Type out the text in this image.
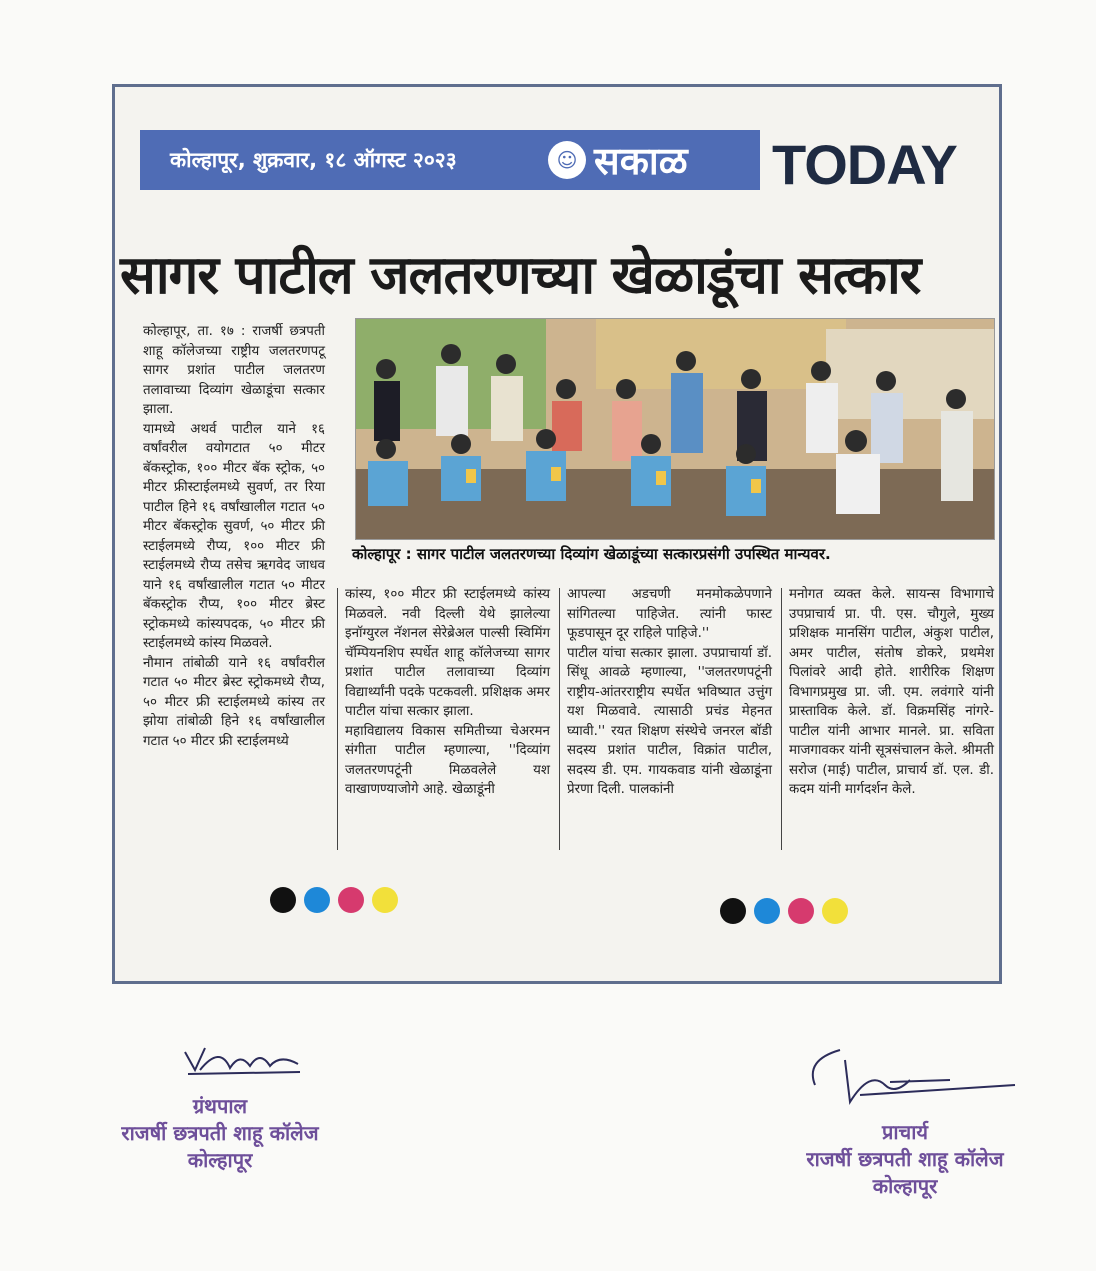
कोल्हापूर, शुक्रवार, १८ ऑगस्ट २०२३	☺ सकाळ TODAY
सागर पाटील जलतरणच्या खेळाडूंचा सत्कार
कोल्हापूर : सागर पाटील जलतरणच्या दिव्यांग खेळाडूंच्या सत्कारप्रसंगी उपस्थित मान्यवर.

कोल्हापूर, ता. १७ : राजर्षी छत्रपती शाहू कॉलेजच्या राष्ट्रीय जलतरणपटू सागर प्रशांत पाटील जलतरण तलावाच्या दिव्यांग खेळाडूंचा सत्कार झाला.

यामध्ये अथर्व पाटील याने १६ वर्षांवरील वयोगटात ५० मीटर बॅकस्ट्रोक, १०० मीटर बॅक स्ट्रोक, ५० मीटर फ्रीस्टाईलमध्ये सुवर्ण, तर रिया पाटील हिने १६ वर्षांखालील गटात ५० मीटर बॅकस्ट्रोक सुवर्ण, ५० मीटर फ्री स्टाईलमध्ये रौप्य, १०० मीटर फ्री स्टाईलमध्ये रौप्य तसेच ऋगवेद जाधव याने १६ वर्षांखालील गटात ५० मीटर बॅकस्ट्रोक रौप्य, १०० मीटर ब्रेस्ट स्ट्रोकमध्ये कांस्यपदक, ५० मीटर फ्री स्टाईलमध्ये कांस्य मिळवले.

नौमान तांबोळी याने १६ वर्षांवरील गटात ५० मीटर ब्रेस्ट स्ट्रोकमध्ये रौप्य, ५० मीटर फ्री स्टाईलमध्ये कांस्य तर झोया तांबोळी हिने १६ वर्षांखालील गटात ५० मीटर फ्री स्टाईलमध्ये

कांस्य, १०० मीटर फ्री स्टाईलमध्ये कांस्य मिळवले. नवी दिल्ली येथे झालेल्या इनॉग्युरल नॅशनल सेरेब्रेअल पाल्सी स्विमिंग चॅम्पियनशिप स्पर्धेत शाहू कॉलेजच्या सागर प्रशांत पाटील तलावाच्या दिव्यांग विद्यार्थ्यांनी पदके पटकवली. प्रशिक्षक अमर पाटील यांचा सत्कार झाला.

महाविद्यालय विकास समितीच्या चेअरमन संगीता पाटील म्हणाल्या, ''दिव्यांग जलतरणपटूंनी मिळवलेले यश वाखाणण्याजोगे आहे. खेळाडूंनी

आपल्या अडचणी मनमोकळेपणाने सांगितल्या पाहिजेत. त्यांनी फास्ट फूडपासून दूर राहिले पाहिजे.''

पाटील यांचा सत्कार झाला. उपप्राचार्या डॉ. सिंधू आवळे म्हणाल्या, ''जलतरणपटूंनी राष्ट्रीय-आंतरराष्ट्रीय स्पर्धेत भविष्यात उत्तुंग यश मिळवावे. त्यासाठी प्रचंड मेहनत घ्यावी.'' रयत शिक्षण संस्थेचे जनरल बॉडी सदस्य प्रशांत पाटील, विक्रांत पाटील, सदस्य डी. एम. गायकवाड यांनी खेळाडूंना प्रेरणा दिली. पालकांनी

मनोगत व्यक्त केले. सायन्स विभागाचे उपप्राचार्य प्रा. पी. एस. चौगुले, मुख्य प्रशिक्षक मानसिंग पाटील, अंकुश पाटील, अमर पाटील, संतोष डोकरे, प्रथमेश पिलांवरे आदी होते. शारीरिक शिक्षण विभागप्रमुख प्रा. जी. एम. लवंगारे यांनी प्रास्ताविक केले. डॉ. विक्रमसिंह नांगरे-पाटील यांनी आभार मानले. प्रा. सविता माजगावकर यांनी सूत्रसंचालन केले. श्रीमती सरोज (माई) पाटील, प्राचार्य डॉ. एल. डी. कदम यांनी मार्गदर्शन केले.

ग्रंथपाल
राजर्षी छत्रपती शाहू कॉलेज
कोल्हापूर
प्राचार्य
राजर्षी छत्रपती शाहू कॉलेज
कोल्हापूर
